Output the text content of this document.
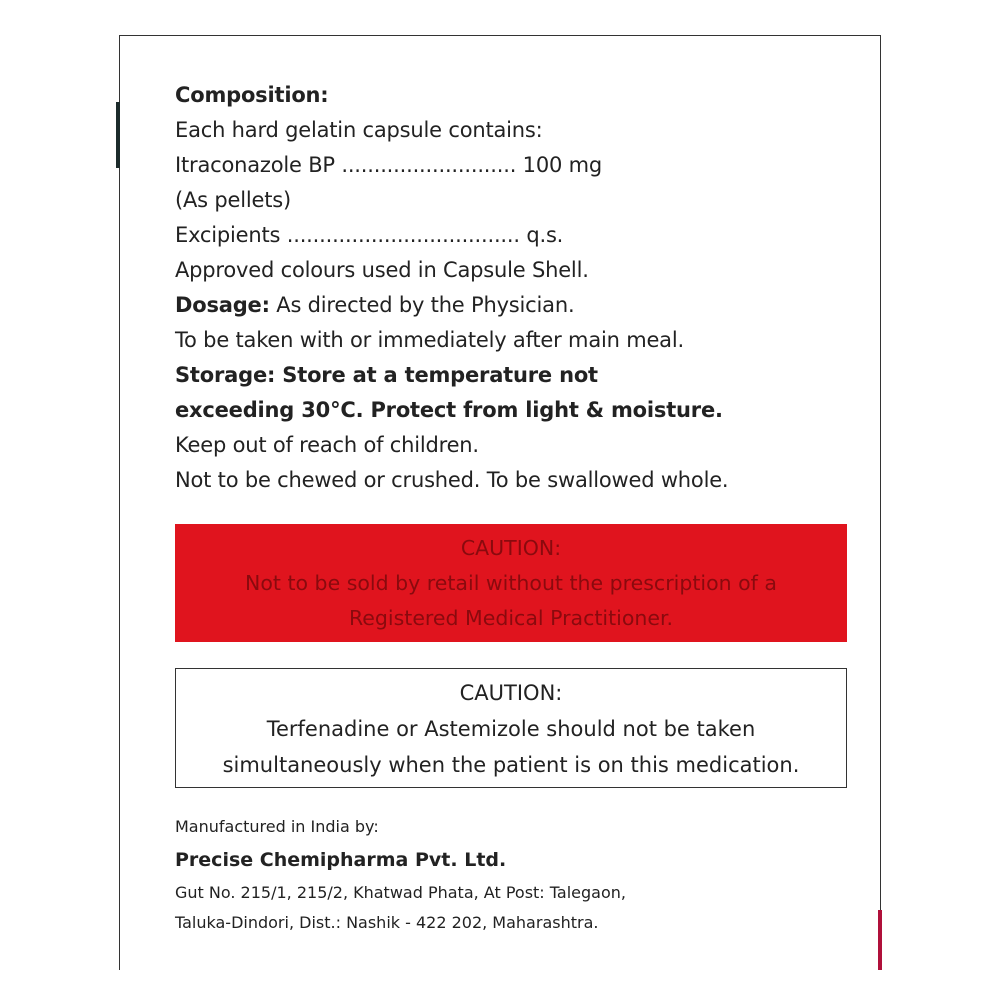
Composition:
Each hard gelatin capsule contains:
Itraconazole BP ........................... 100 mg
(As pellets)
Excipients .................................... q.s.
Approved colours used in Capsule Shell.
Dosage: As directed by the Physician.
To be taken with or immediately after main meal.
Storage: Store at a temperature not
exceeding 30°C. Protect from light & moisture.
Keep out of reach of children.
Not to be chewed or crushed. To be swallowed whole.
CAUTION:
Not to be sold by retail without the prescription of a
Registered Medical Practitioner.
CAUTION:
Terfenadine or Astemizole should not be taken
simultaneously when the patient is on this medication.
Manufactured in India by:
Precise Chemipharma Pvt. Ltd.
Gut No. 215/1, 215/2, Khatwad Phata, At Post: Talegaon,
Taluka-Dindori, Dist.: Nashik - 422 202, Maharashtra.
